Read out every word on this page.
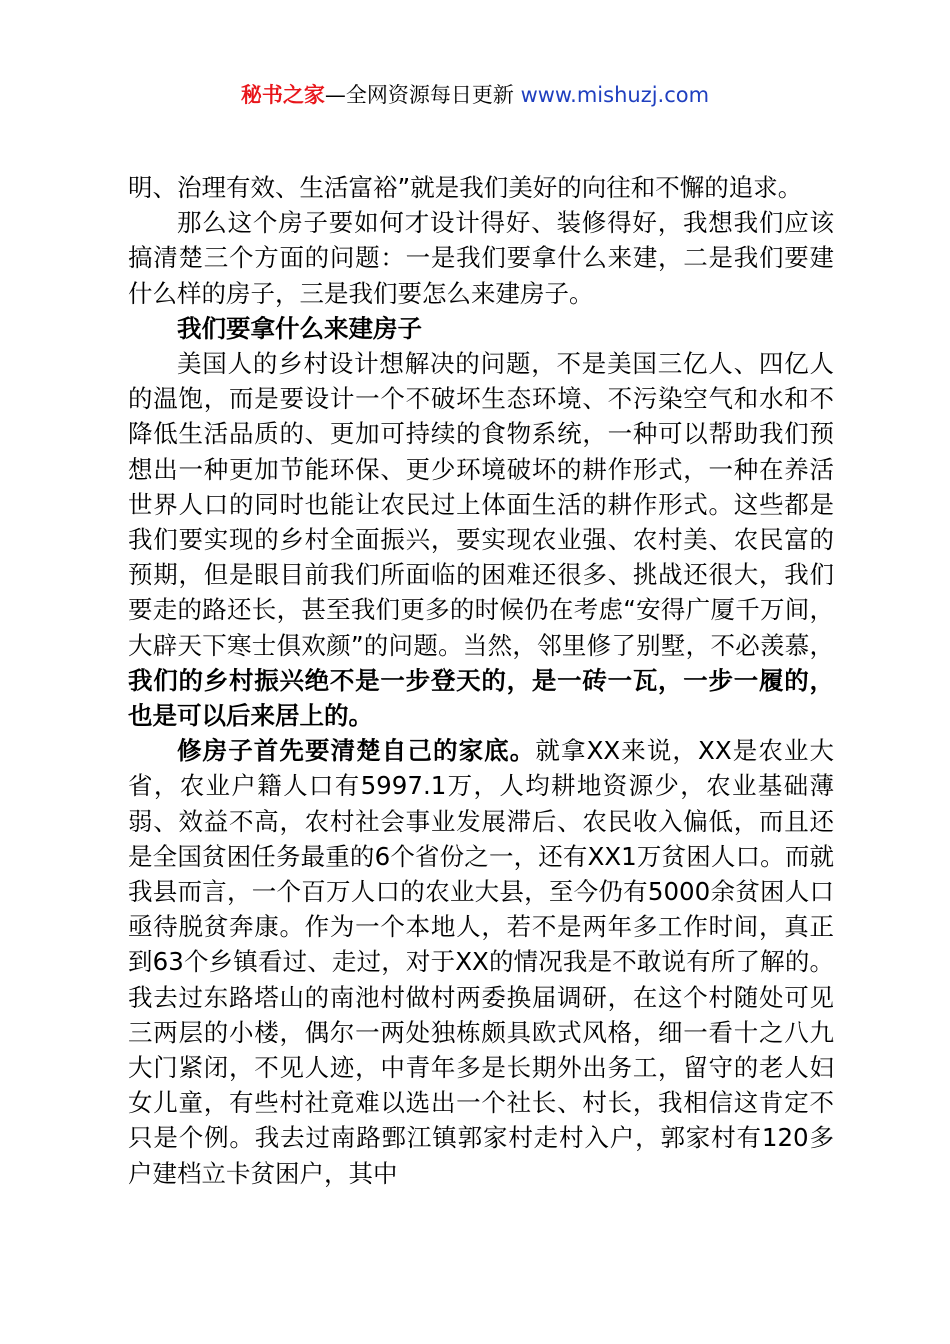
秘书之家—全网资源每日更新 www.mishuzj.com

明、治理有效、生活富裕”就是我们美好的向往和不懈的追求。

那么这个房子要如何才设计得好、装修得好，我想我们应该搞清楚三个方面的问题：一是我们要拿什么来建，二是我们要建什么样的房子，三是我们要怎么来建房子。

我们要拿什么来建房子

美国人的乡村设计想解决的问题，不是美国三亿人、四亿人的温饱，而是要设计一个不破坏生态环境、不污染空气和水和不降低生活品质的、更加可持续的食物系统，一种可以帮助我们预想出一种更加节能环保、更少环境破坏的耕作形式，一种在养活世界人口的同时也能让农民过上体面生活的耕作形式。这些都是我们要实现的乡村全面振兴，要实现农业强、农村美、农民富的预期，但是眼目前我们所面临的困难还很多、挑战还很大，我们要走的路还长，甚至我们更多的时候仍在考虑“安得广厦千万间，大辟天下寒士俱欢颜”的问题。当然，邻里修了别墅，不必羡慕，我们的乡村振兴绝不是一步登天的，是一砖一瓦，一步一履的，也是可以后来居上的。

修房子首先要清楚自己的家底。就拿XX来说，XX是农业大省，农业户籍人口有5997.1万，人均耕地资源少，农业基础薄弱、效益不高，农村社会事业发展滞后、农民收入偏低，而且还是全国贫困任务最重的6个省份之一，还有XX1万贫困人口。而就我县而言，一个百万人口的农业大县，至今仍有5000余贫困人口亟待脱贫奔康。作为一个本地人，若不是两年多工作时间，真正到63个乡镇看过、走过，对于XX的情况我是不敢说有所了解的。我去过东路塔山的南池村做村两委换届调研，在这个村随处可见三两层的小楼，偶尔一两处独栋颇具欧式风格，细一看十之八九大门紧闭，不见人迹，中青年多是长期外出务工，留守的老人妇女儿童，有些村社竟难以选出一个社长、村长，我相信这肯定不只是个例。我去过南路鄄江镇郭家村走村入户，郭家村有120多户建档立卡贫困户，其中
